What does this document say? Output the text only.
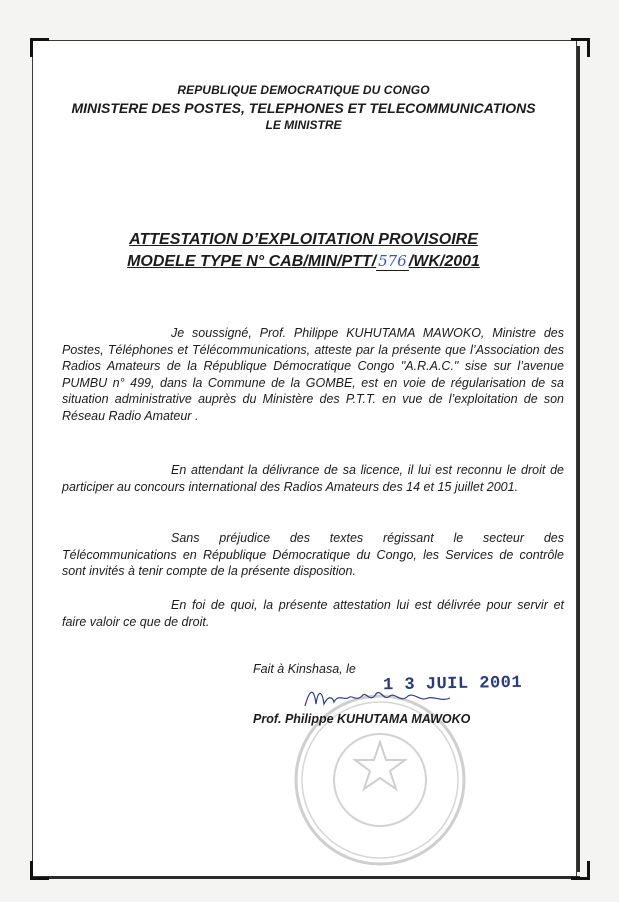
REPUBLIQUE DEMOCRATIQUE DU CONGO
MINISTERE DES POSTES, TELEPHONES ET TELECOMMUNICATIONS
LE MINISTRE
ATTESTATION D’EXPLOITATION PROVISOIRE
MODELE TYPE N° CAB/MIN/PTT/ 576 /WK/2001
Je soussigné, Prof. Philippe KUHUTAMA MAWOKO, Ministre des Postes, Téléphones et Télécommunications, atteste par la présente que l’Association des Radios Amateurs de la République Démocratique Congo "A.R.A.C." sise sur l’avenue PUMBU n° 499, dans la Commune de la GOMBE, est en voie de régularisation de sa situation administrative auprès du Ministère des P.T.T. en vue de l’exploitation de son Réseau Radio Amateur .
En attendant la délivrance de sa licence, il lui est reconnu le droit de participer au concours international des Radios Amateurs des 14 et 15 juillet 2001.
Sans préjudice des textes régissant le secteur des Télécommunications en République Démocratique du Congo, les Services de contrôle sont invités à tenir compte de la présente disposition.
En foi de quoi, la présente attestation lui est délivrée pour servir et faire valoir ce que de droit.
Fait à Kinshasa, le
1 3 JUIL 2001
Prof. Philippe KUHUTAMA MAWOKO
